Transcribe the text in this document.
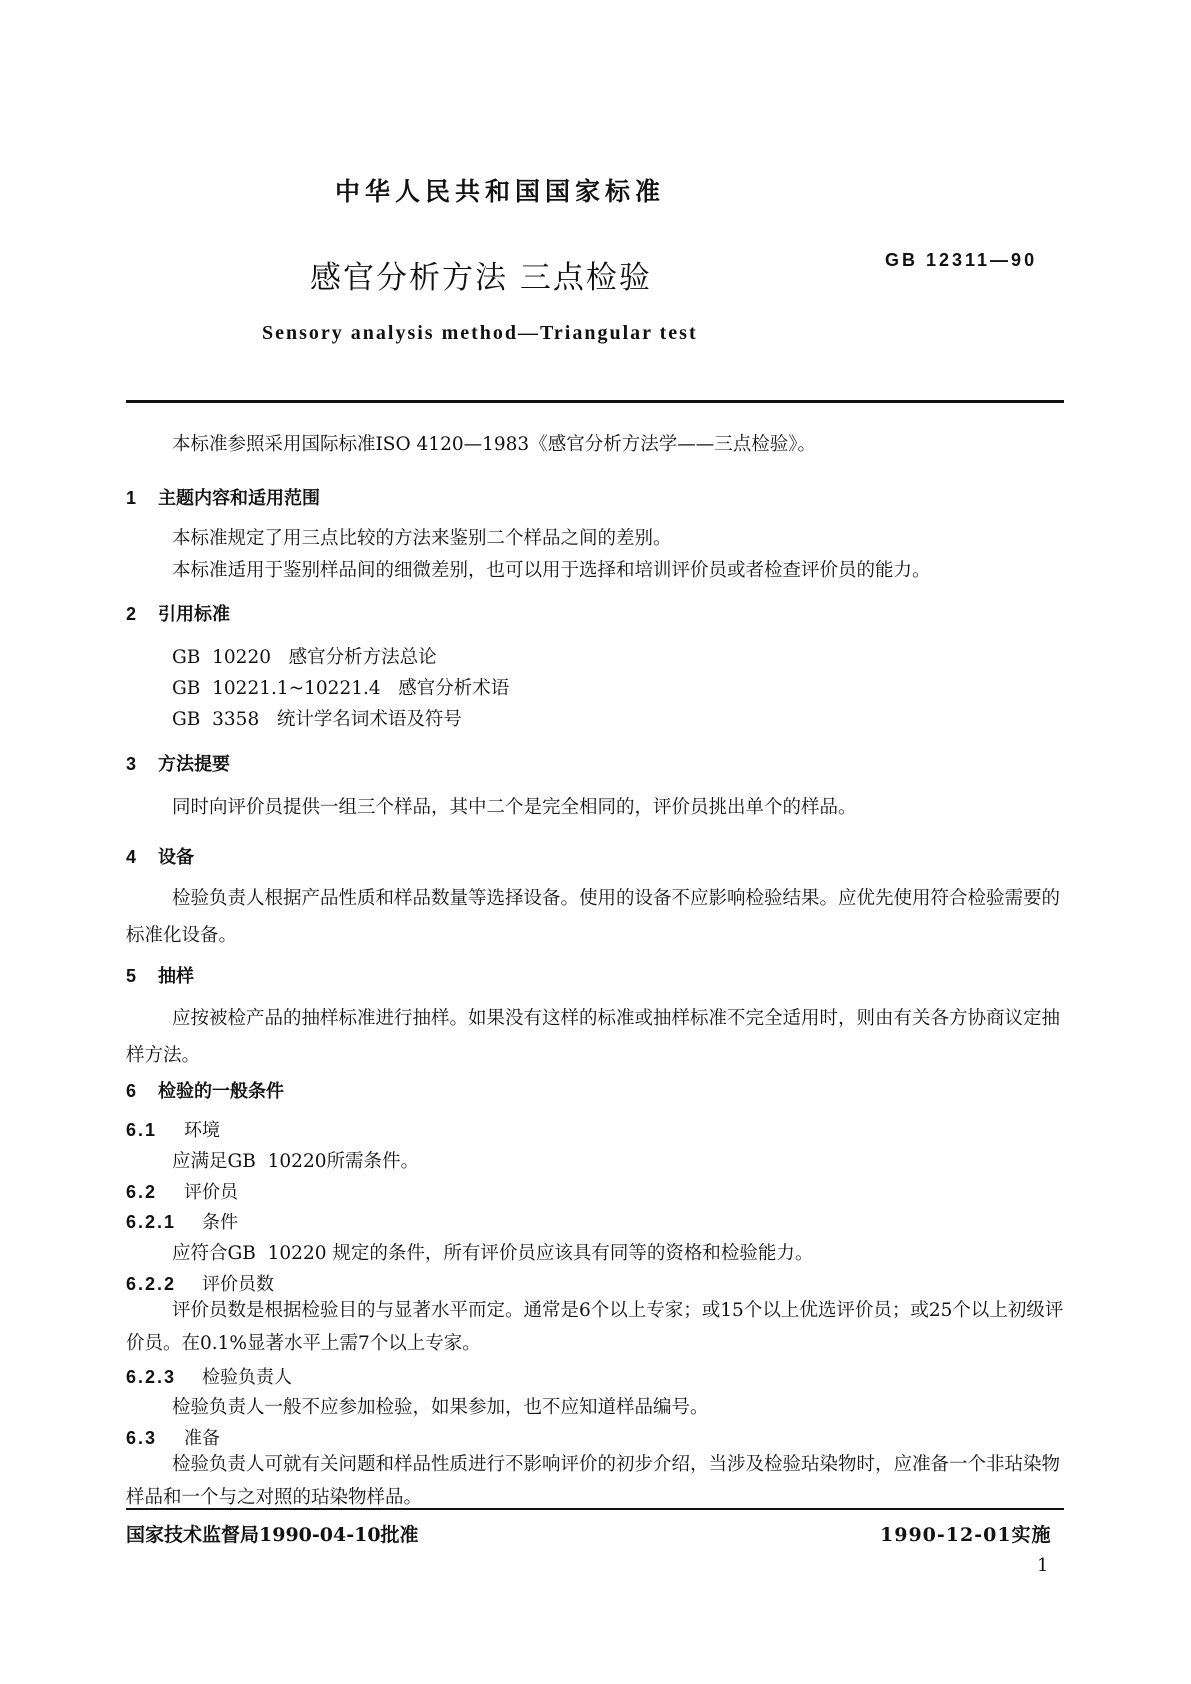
中华人民共和国国家标准
感官分析方法 三点检验	GB 12311—90
Sensory analysis method—Triangular test
本标准参照采用国际标准ISO 4120—1983《感官分析方法学——三点检验》。
1 主题内容和适用范围
本标准规定了用三点比较的方法来鉴别二个样品之间的差别。
本标准适用于鉴别样品间的细微差别，也可以用于选择和培训评价员或者检查评价员的能力。
2 引用标准
GB  10220   感官分析方法总论
GB  10221.1~10221.4   感官分析术语
GB  3358   统计学名词术语及符号
3 方法提要
同时向评价员提供一组三个样品，其中二个是完全相同的，评价员挑出单个的样品。
4 设备
检验负责人根据产品性质和样品数量等选择设备。使用的设备不应影响检验结果。应优先使用符合检验需要的标准化设备。
5 抽样
应按被检产品的抽样标准进行抽样。如果没有这样的标准或抽样标准不完全适用时，则由有关各方协商议定抽样方法。
6 检验的一般条件
6.1 环境
应满足GB  10220所需条件。
6.2 评价员
6.2.1 条件
应符合GB  10220 规定的条件，所有评价员应该具有同等的资格和检验能力。
6.2.2 评价员数
评价员数是根据检验目的与显著水平而定。通常是6个以上专家；或15个以上优选评价员；或25个以上初级评价员。在0.1%显著水平上需7个以上专家。
6.2.3 检验负责人
检验负责人一般不应参加检验，如果参加，也不应知道样品编号。
6.3 准备
检验负责人可就有关问题和样品性质进行不影响评价的初步介绍，当涉及检验玷染物时，应准备一个非玷染物样品和一个与之对照的玷染物样品。
国家技术监督局1990-04-10批准	1990-12-01实施
1
